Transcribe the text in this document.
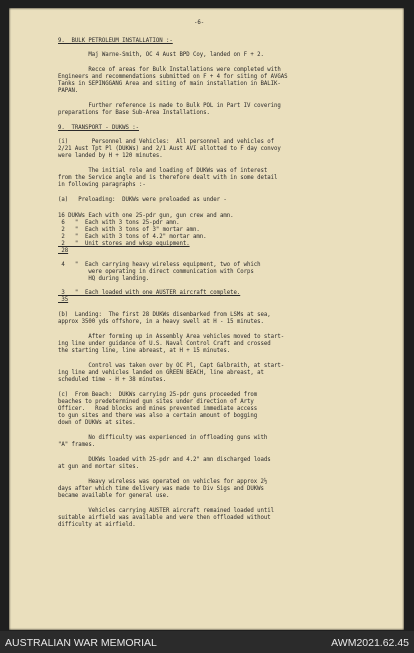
-6-
9.  BULK PETROLEUM INSTALLATION :-
Maj Warne-Smith, OC 4 Aust BPD Coy, landed on F + 2.
Recce of areas for Bulk Installations were completed with
Engineers and recommendations submitted on F + 4 for siting of AVGAS
Tanks in SEPINGGANG Area and siting of main installation in BALIK-
PAPAN.
Further reference is made to Bulk POL in Part IV covering
preparations for Base Sub-Area Installations.
9.  TRANSPORT - DUKWS :-
(i)       Personnel and Vehicles:  All personnel and vehicles of
2/21 Aust Tpt Pl (DUKWs) and 2/1 Aust AVI allotted to F day convoy
were landed by H + 120 minutes.
The initial role and loading of DUKWs was of interest
from the Service angle and is therefore dealt with in some detail
in following paragraphs :-
(a)   Preloading:  DUKWs were preloaded as under -
16 DUKWs Each with one 25-pdr gun, gun crew and amn.
6   "  Each with 3 tons 25-pdr amn.
2   "  Each with 3 tons of 3" mortar amn.
2   "  Each with 3 tons of 4.2" mortar amn.
2   "  Unit stores and wksp equipment.
28
4   "  Each carrying heavy wireless equipment, two of which
were operating in direct communication with Corps
HQ during landing.
3   "  Each loaded with one AUSTER aircraft complete.
35
(b)  Landing:  The first 28 DUKWs disembarked from LSMs at sea,
approx 3500 yds offshore, in a heavy swell at H - 15 minutes.
After forming up in Assembly Area vehicles moved to start-
ing line under guidance of U.S. Naval Control Craft and crossed
the starting line, line abreast, at H + 15 minutes.
Control was taken over by OC Pl, Capt Galbraith, at start-
ing line and vehicles landed on GREEN BEACH, line abreast, at
scheduled time - H + 38 minutes.
(c)  From Beach:  DUKWs carrying 25-pdr guns proceeded from
beaches to predetermined gun sites under direction of Arty
Officer.   Road blocks and mines prevented immediate access
to gun sites and there was also a certain amount of bogging
down of DUKWs at sites.
No difficulty was experienced in offloading guns with
"A" frames.
DUKWs loaded with 25-pdr and 4.2" amn discharged loads
at gun and mortar sites.
Heavy wireless was operated on vehicles for approx 2½
days after which time delivery was made to Div Sigs and DUKWs
became available for general use.
Vehicles carrying AUSTER aircraft remained loaded until
suitable airfield was available and were then offloaded without
difficulty at airfield.
AUSTRALIAN WAR MEMORIAL	AWM2021.62.45
